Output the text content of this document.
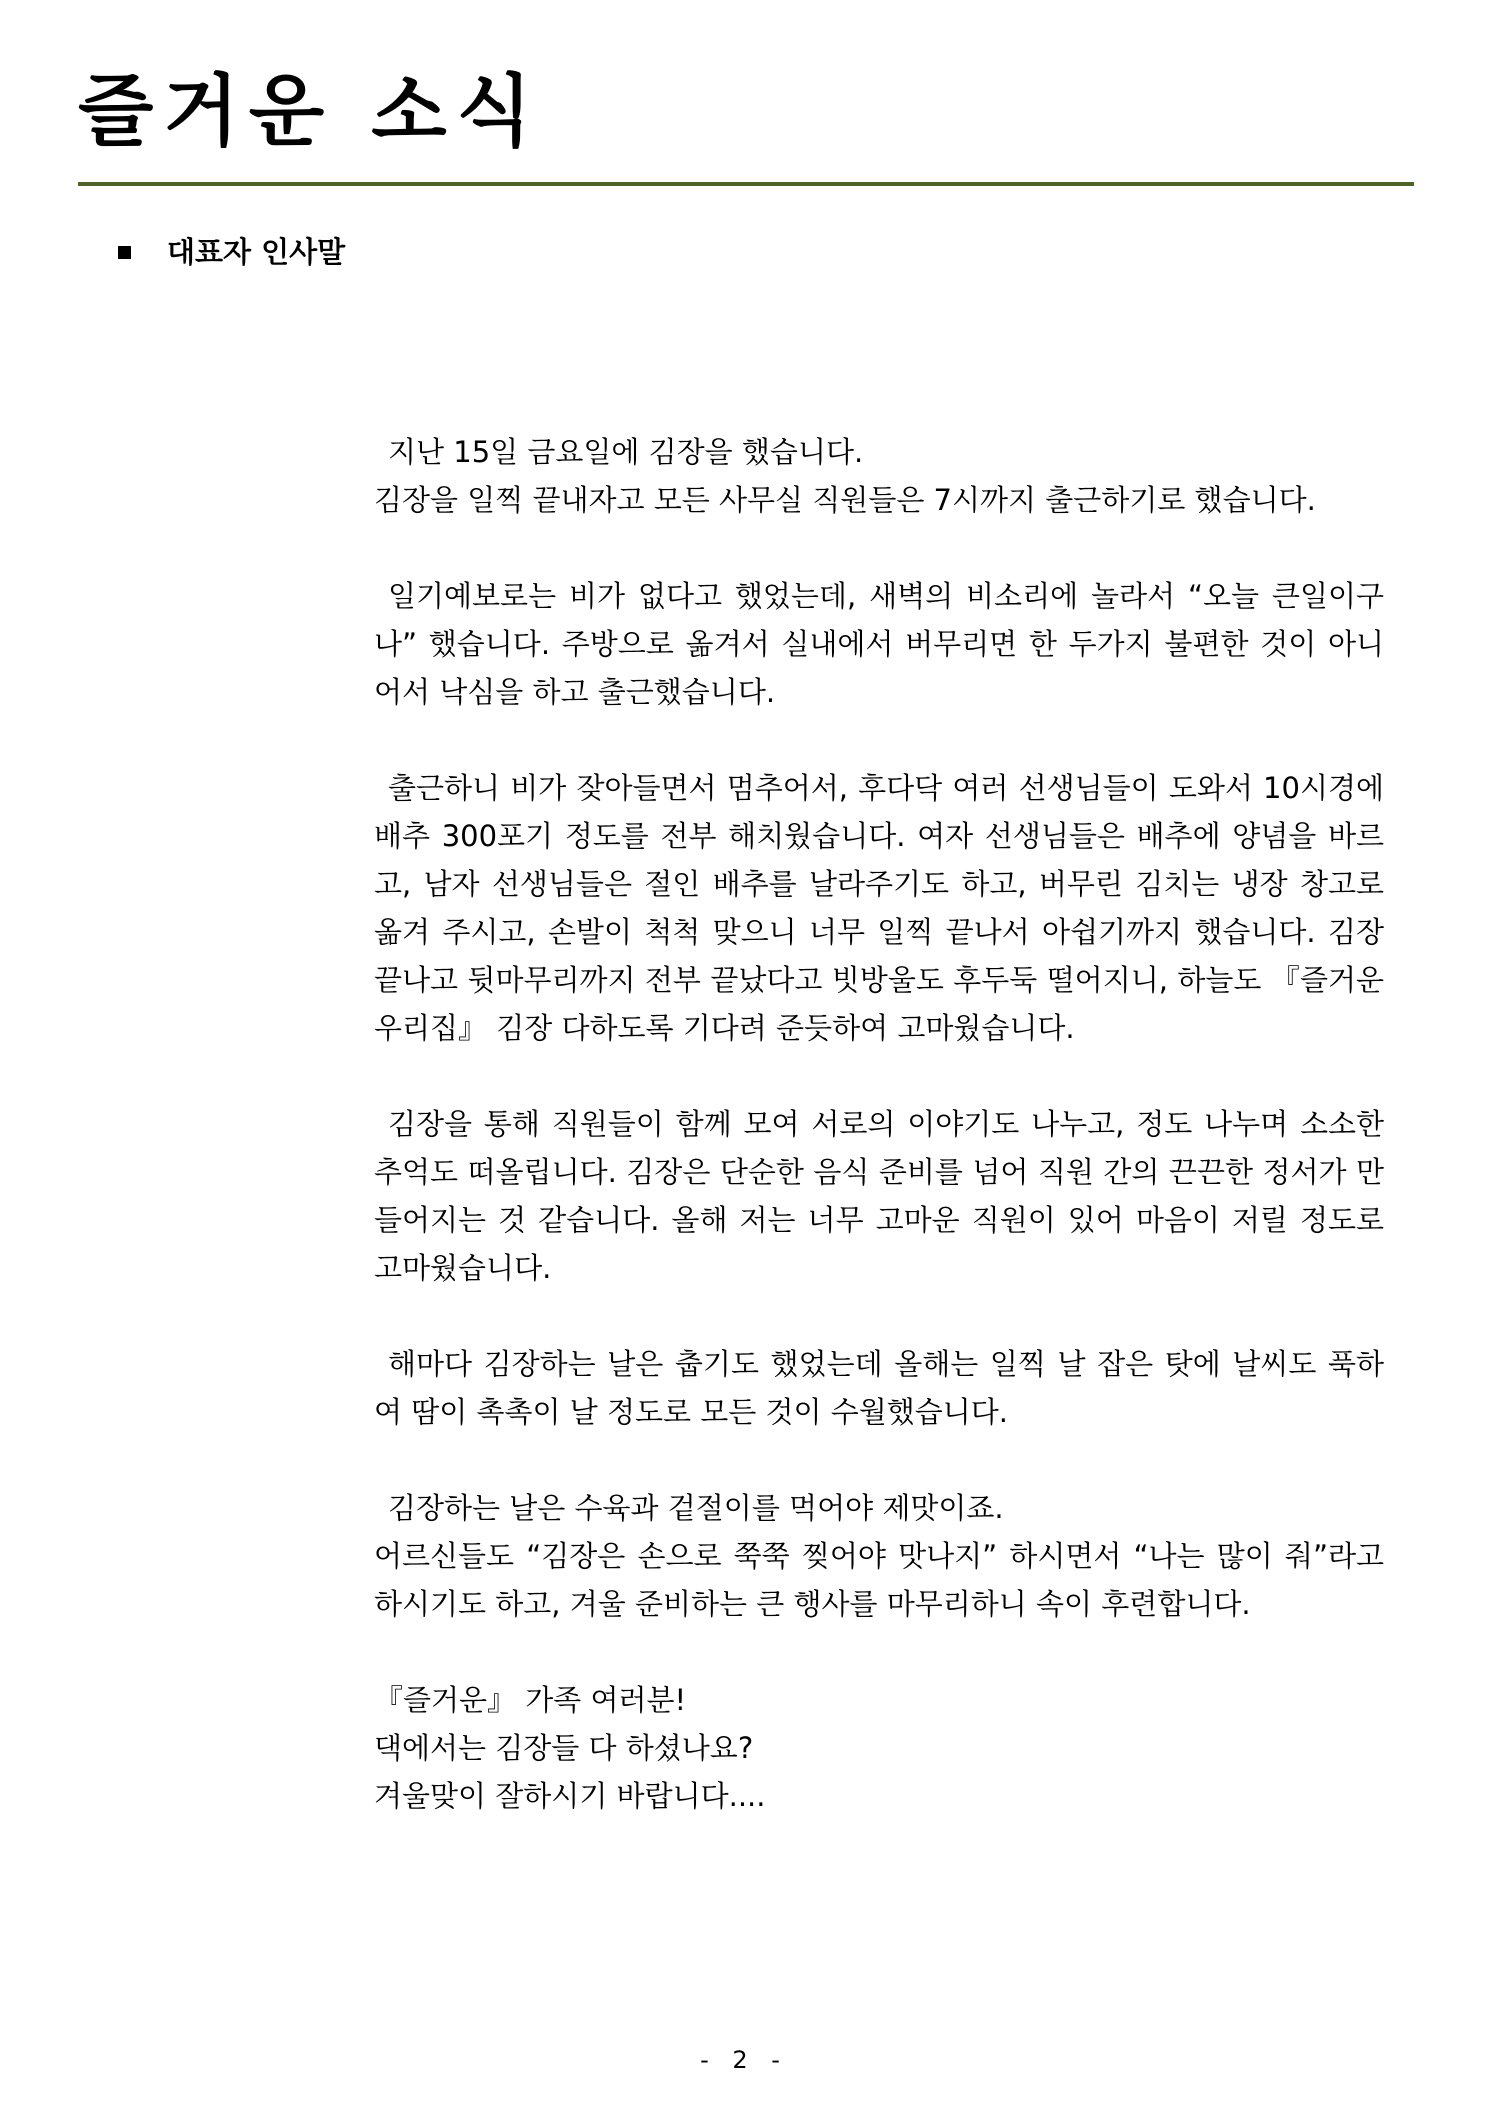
즐거운 소식
대표자 인사말

지난 15일 금요일에 김장을 했습니다.
김장을 일찍 끝내자고 모든 사무실 직원들은 7시까지 출근하기로 했습니다.

일기예보로는 비가 없다고 했었는데, 새벽의 비소리에 놀라서 “오늘 큰일이구나” 했습니다. 주방으로 옮겨서 실내에서 버무리면 한 두가지 불편한 것이 아니어서 낙심을 하고 출근했습니다.

출근하니 비가 잦아들면서 멈추어서, 후다닥 여러 선생님들이 도와서 10시경에 배추 300포기 정도를 전부 해치웠습니다. 여자 선생님들은 배추에 양념을 바르고, 남자 선생님들은 절인 배추를 날라주기도 하고, 버무린 김치는 냉장 창고로 옮겨 주시고, 손발이 척척 맞으니 너무 일찍 끝나서 아쉽기까지 했습니다. 김장 끝나고 뒷마무리까지 전부 끝났다고 빗방울도 후두둑 떨어지니, 하늘도 『즐거운우리집』 김장 다하도록 기다려 준듯하여 고마웠습니다.

김장을 통해 직원들이 함께 모여 서로의 이야기도 나누고, 정도 나누며 소소한 추억도 떠올립니다. 김장은 단순한 음식 준비를 넘어 직원 간의 끈끈한 정서가 만들어지는 것 같습니다. 올해 저는 너무 고마운 직원이 있어 마음이 저릴 정도로 고마웠습니다.

해마다 김장하는 날은 춥기도 했었는데 올해는 일찍 날 잡은 탓에 날씨도 푹하여 땀이 촉촉이 날 정도로 모든 것이 수월했습니다.

김장하는 날은 수육과 겉절이를 먹어야 제맛이죠.
어르신들도 “김장은 손으로 쭉쭉 찢어야 맛나지” 하시면서 “나는 많이 줘”라고 하시기도 하고, 겨울 준비하는 큰 행사를 마무리하니 속이 후련합니다.

『즐거운』 가족 여러분!
댁에서는 김장들 다 하셨나요?
겨울맞이 잘하시기 바랍니다....

- 2 -
